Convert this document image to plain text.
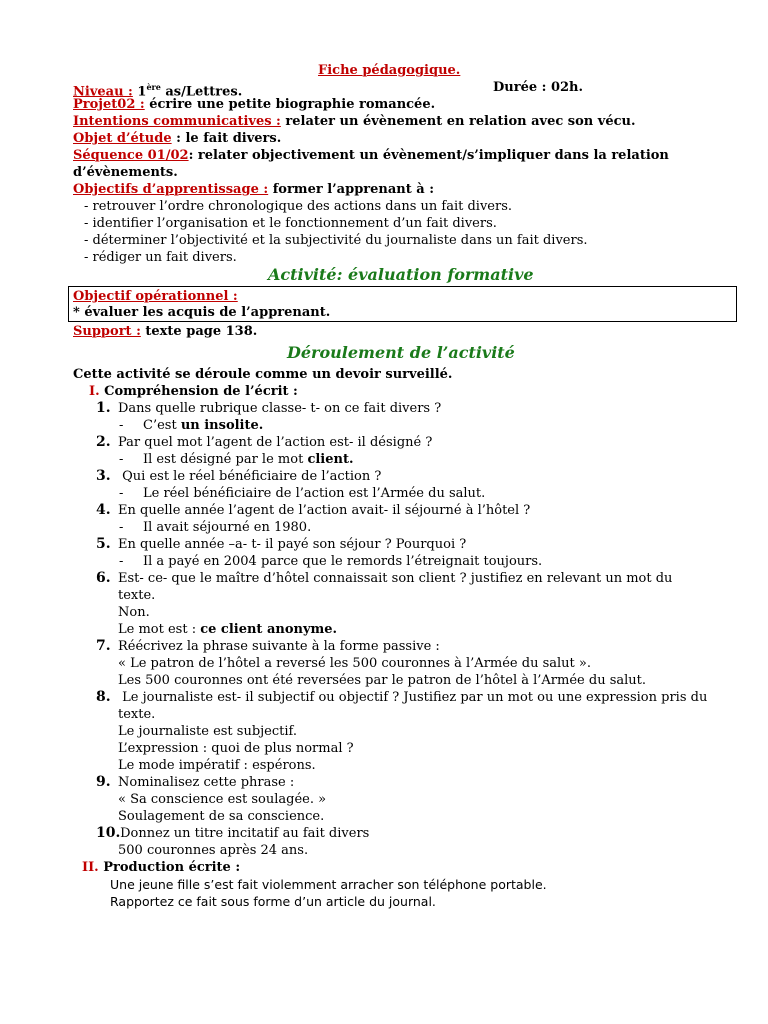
Fiche pédagogique.
Niveau : 1ère as/Lettres.	Durée : 02h.
Projet02 : écrire une petite biographie romancée.
Intentions communicatives : relater un évènement en relation avec son vécu.
Objet d’étude : le fait divers.
Séquence 01/02: relater objectivement un évènement/s’impliquer dans la relation
d’évènements.
Objectifs d’apprentissage : former l’apprenant à :
- retrouver l’ordre chronologique des actions dans un fait divers.
- identifier l’organisation et le fonctionnement d’un fait divers.
- déterminer l’objectivité et la subjectivité du journaliste dans un fait divers.
- rédiger un fait divers.
Activité: évaluation formative
Objectif opérationnel :
* évaluer les acquis de l’apprenant.
Support : texte page 138.
Déroulement de l’activité
Cette activité se déroule comme un devoir surveillé.
I. Compréhension de l’écrit :
1. Dans quelle rubrique classe- t- on ce fait divers ?
- C’est un insolite.
2. Par quel mot l’agent de l’action est- il désigné ?
- Il est désigné par le mot client.
3. Qui est le réel bénéficiaire de l’action ?
- Le réel bénéficiaire de l’action est l’Armée du salut.
4. En quelle année l’agent de l’action avait- il séjourné à l’hôtel ?
- Il avait séjourné en 1980.
5. En quelle année –a- t- il payé son séjour ? Pourquoi ?
- Il a payé en 2004 parce que le remords l’étreignait toujours.
6. Est- ce- que le maître d’hôtel connaissait son client ? justifiez en relevant un mot du
texte.
Non.
Le mot est : ce client anonyme.
7. Réécrivez la phrase suivante à la forme passive :
« Le patron de l’hôtel a reversé les 500 couronnes à l’Armée du salut ».
Les 500 couronnes ont été reversées par le patron de l’hôtel à l’Armée du salut.
8. Le journaliste est- il subjectif ou objectif ? Justifiez par un mot ou une expression pris du
texte.
Le journaliste est subjectif.
L’expression : quoi de plus normal ?
Le mode impératif : espérons.
9. Nominalisez cette phrase :
« Sa conscience est soulagée. »
Soulagement de sa conscience.
10. Donnez un titre incitatif au fait divers
500 couronnes après 24 ans.
II. Production écrite :
Une jeune fille s’est fait violemment arracher son téléphone portable.
Rapportez ce fait sous forme d’un article du journal.
